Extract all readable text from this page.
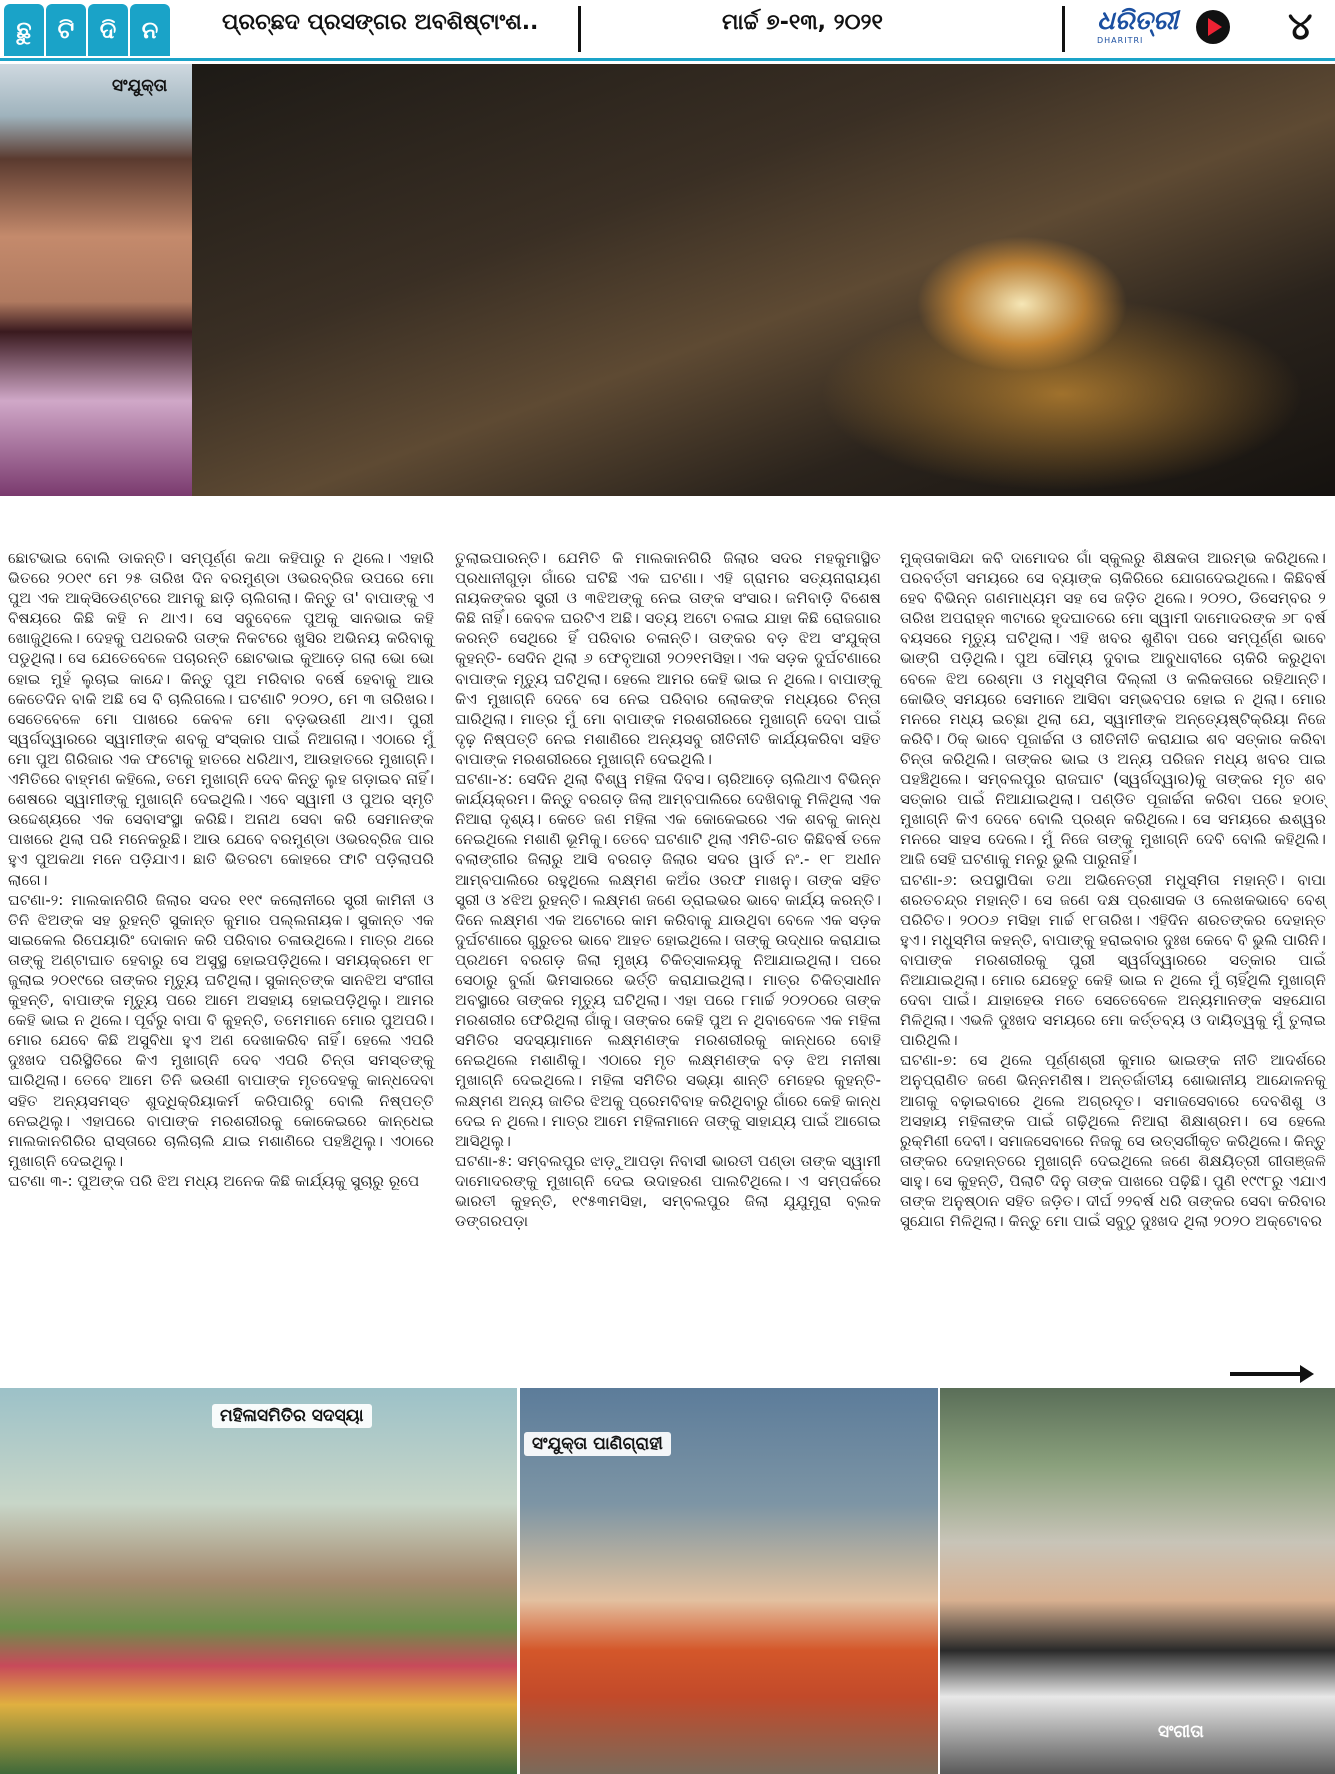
ଛୁ	ଟି	ଦି	ନ	ପ୍ରଚ୍ଛଦ ପ୍ରସଙ୍ଗର ଅବଶିଷ୍ଟାଂଶ..	ମାର୍ଚ୍ଚ ୭-୧୩, ୨୦୨୧	ଧରିତ୍ରୀ
DHARITRI	୪
ସଂଯୁକ୍ତା

ଛୋଟଭାଇ ବୋଲି ଡାକନ୍ତି। ସମ୍ପୂର୍ଣ୍ଣ କଥା କହିପାରୁ ନ ଥିଲେ। ଏହାରି ଭିତରେ ୨୦୧୯ ମେ ୨୫ ତାରିଖ ଦିନ ବରମୁଣ୍ଡା ଓଭରବ୍ରିଜ ଉପରେ ମୋ ପୁଅ ଏକ ଆକ୍ସିଡେଣ୍ଟରେ ଆମକୁ ଛାଡ଼ି ଚାଲିଗଲା। କିନ୍ତୁ ତା' ବାପାଙ୍କୁ ଏ ବିଷୟରେ କିଛି କହି ନ ଥାଏ। ସେ ସବୁବେଳେ ପୁଅକୁ ସାନଭାଇ କହି ଖୋଜୁଥିଲେ। ଦେହକୁ ପଥରକରି ତାଙ୍କ ନିକଟରେ ଖୁସିର ଅଭିନୟ କରିବାକୁ ପଡୁଥିଲା। ସେ ଯେତେବେଳେ ପଚାରନ୍ତି ଛୋଟଭାଇ କୁଆଡ଼େ ଗଲା ଭୋ ଭୋ ହୋଇ ମୁହଁ ଲୁଚାଇ କାନ୍ଦେ। କିନ୍ତୁ ପୁଅ ମରିବାର ବର୍ଷେ ହେବାକୁ ଆଉ କେତେଦିନ ବାକି ଅଛି ସେ ବି ଚାଲିଗଲେ। ଘଟଣାଟି ୨୦୨୦, ମେ ୩ ତାରିଖର। ସେତେବେଳେ ମୋ ପାଖରେ କେବଳ ମୋ ବଡ଼ଭଉଣୀ ଥାଏ। ପୁରୀ ସ୍ୱର୍ଗଦ୍ୱାରରେ ସ୍ୱାମୀଙ୍କ ଶବକୁ ସଂସ୍କାର ପାଇଁ ନିଆଗଲା। ଏଠାରେ ମୁଁ ମୋ ପୁଅ ଗିରିଜାର ଏକ ଫଟୋକୁ ହାତରେ ଧରିଥାଏ, ଆଉହାତରେ ମୁଖାଗ୍ନି। ଏମିତିରେ ବାହ୍ମଣ କହିଲେ, ତମେ ମୁଖାଗ୍ନି ଦେବ କିନ୍ତୁ ଲୁହ ଗଡ଼ାଇବ ନାହିଁ। ଶେଷରେ ସ୍ୱାମୀଙ୍କୁ ମୁଖାଗ୍ନି ଦେଇଥିଲି। ଏବେ ସ୍ୱାମୀ ଓ ପୁଅର ସ୍ମୃତି ଉଦ୍ଦେଶ୍ୟରେ ଏକ ସେବାସଂସ୍ଥା କରିଛି। ଅନାଥ ସେବା କରି ସେମାନଙ୍କ ପାଖରେ ଥିଲା ପରି ମନେକରୁଛି। ଆଉ ଯେବେ ବରମୁଣ୍ଡା ଓଭରବ୍ରିଜ ପାର ହୁଏ ପୁଅକଥା ମନେ ପଡ଼ିଯାଏ। ଛାତି ଭିତରଟା କୋହରେ ଫାଟି ପଡ଼ିଲାପରି ଲାଗେ।

ଘଟଣା-୨: ମାଲକାନଗିରି ଜିଲାର ସଦର ୧୧୯ କଲୋନୀରେ ସ୍ତ୍ରୀ କାମିନୀ ଓ ତିନି ଝିଅଙ୍କ ସହ ରୁହନ୍ତି ସୁକାନ୍ତ କୁମାର ପଲ୍ଲନାୟକ। ସୁକାନ୍ତ ଏକ ସାଇକେଲ ରିପେୟାରିଂ ଦୋକାନ କରି ପରିବାର ଚଳାଉଥିଲେ। ମାତ୍ର ଥରେ ତାଙ୍କୁ ଅଣ୍ଟାଘାତ ହେବାରୁ ସେ ଅସୁସ୍ଥ ହୋଇପଡ଼ିଥିଲେ। ସମୟକ୍ରମେ ୧୮ ଜୁଲାଇ ୨୦୧୯ରେ ତାଙ୍କର ମୃତ୍ୟୁ ଘଟିଥିଲା। ସୁକାନ୍ତଙ୍କ ସାନଝିଅ ସଂଗୀତା କୁହନ୍ତି, ବାପାଙ୍କ ମୃତ୍ୟୁ ପରେ ଆମେ ଅସହାୟ ହୋଇପଡ଼ିଥିଲୁ। ଆମର କେହି ଭାଇ ନ ଥିଲେ। ପୂର୍ବରୁ ବାପା ବି କୁହନ୍ତି, ତମେମାନେ ମୋର ପୁଅପରି। ମୋର ଯେବେ କିଛି ଅସୁବିଧା ହୁଏ ଅଣ ଦେଖାକରିବ ନାହିଁ। ହେଲେ ଏପରି ଦୁଃଖଦ ପରିସ୍ଥିତିରେ କିଏ ମୁଖାଗ୍ନି ଦେବ ଏପରି ଚିନ୍ତା ସମସ୍ତଙ୍କୁ ଘାରିଥିଲା। ତେବେ ଆମେ ତିନି ଭଉଣୀ ବାପାଙ୍କ ମୃତଦେହକୁ କାନ୍ଧଦେବା ସହିତ ଅନ୍ୟସମସ୍ତ ଶୁଦ୍ଧିକ୍ରିୟାକର୍ମ କରିପାରିବୁ ବୋଲି ନିଷ୍ପତ୍ତି ନେଇଥିଲୁ। ଏହାପରେ ବାପାଙ୍କ ମରଶରୀରକୁ କୋକେଇରେ କାନ୍ଧେଇ ମାଲକାନଗିରିର ରାସ୍ତାରେ ଚାଲିଚାଲି ଯାଇ ମଶାଣିରେ ପହଞ୍ଚିଥିଲୁ। ଏଠାରେ ମୁଖାଗ୍ନି ଦେଇଥିଲୁ।

ଘଟଣା ୩-: ପୁଅଙ୍କ ପରି ଝିଅ ମଧ୍ୟ ଅନେକ କିଛି କାର୍ଯ୍ୟକୁ ସୁଚାରୁ ରୂପେ

ତୁଲାଇପାରନ୍ତି। ଯେମିତି କି ମାଲକାନଗିରି ଜିଲାର ସଦର ମହକୁମାସ୍ଥିତ ପ୍ରଧାନୀଗୁଡ଼ା ଗାଁରେ ଘଟିଛି ଏକ ଘଟଣା। ଏହି ଗ୍ରାମର ସତ୍ୟନାରାୟଣ ନାୟକଙ୍କର ସ୍ତ୍ରୀ ଓ ୩ଝିଅଙ୍କୁ ନେଇ ତାଙ୍କ ସଂସାର। ଜମିବାଡ଼ି ବିଶେଷ କିଛି ନାହିଁ। କେବଳ ଘରଟିଏ ଅଛି। ସତ୍ୟ ଅଟୋ ଚଳାଇ ଯାହା କିଛି ରୋଜଗାର କରନ୍ତି ସେଥିରେ ହିଁ ପରିବାର ଚଳାନ୍ତି। ତାଙ୍କର ବଡ଼ ଝିଅ ସଂଯୁକ୍ତା କୁହନ୍ତି- ସେଦିନ ଥିଲା ୬ ଫେବୃଆରୀ ୨୦୨୧ମସିହା। ଏକ ସଡ଼କ ଦୁର୍ଘଟଣାରେ ବାପାଙ୍କ ମୃତ୍ୟୁ ଘଟିଥିଲା। ହେଲେ ଆମର କେହି ଭାଇ ନ ଥିଲେ। ବାପାଙ୍କୁ କିଏ ମୁଖାଗ୍ନି ଦେବେ ସେ ନେଇ ପରିବାର ଲୋକଙ୍କ ମଧ୍ୟରେ ଚିନ୍ତା ଘାରିଥିଲା। ମାତ୍ର ମୁଁ ମୋ ବାପାଙ୍କ ମରଶରୀରରେ ମୁଖାଗ୍ନି ଦେବା ପାଇଁ ଦୃଢ଼ ନିଷ୍ପତ୍ତି ନେଇ ମଶାଣିରେ ଅନ୍ୟସବୁ ରୀତିନୀତି କାର୍ଯ୍ୟକରିବା ସହିତ ବାପାଙ୍କ ମରଶରୀରରେ ମୁଖାଗ୍ନି ଦେଇଥିଲି।

ଘଟଣା-୪: ସେଦିନ ଥିଲା ବିଶ୍ୱ ମହିଳା ଦିବସ। ଚାରିଆଡ଼େ ଚାଲିଥାଏ ବିଭିନ୍ନ କାର୍ଯ୍ୟକ୍ରମ। କିନ୍ତୁ ବରଗଡ଼ ଜିଲା ଆମ୍ବପାଲିରେ ଦେଖିବାକୁ ମିଳିଥିଲା ଏକ ନିଆରା ଦୃଶ୍ୟ। କେତେ ଜଣ ମହିଳା ଏକ କୋକେଇରେ ଏକ ଶବକୁ କାନ୍ଧ ନେଇଥିଲେ ମଶାଣି ଭୂମିକୁ। ତେବେ ଘଟଣାଟି ଥିଲା ଏମିତି-ଗତ କିଛିବର୍ଷ ତଳେ ବଲାଙ୍ଗୀର ଜିଲାରୁ ଆସି ବରଗଡ଼ ଜିଲାର ସଦର ୱାର୍ଡ ନଂ.- ୧୮ ଅଧୀନ ଆମ୍ବପାଲିରେ ରହୁଥିଲେ ଲକ୍ଷ୍ମଣ କଅଁର ଓରଫ ମାଖନୁ। ତାଙ୍କ ସହିତ ସ୍ତ୍ରୀ ଓ ୪ଝିଅ ରୁହନ୍ତି। ଲକ୍ଷ୍ମଣ ଜଣେ ଡ୍ରାଇଭର ଭାବେ କାର୍ଯ୍ୟ କରନ୍ତି। ଦିନେ ଲକ୍ଷ୍ମଣ ଏକ ଅଟୋରେ କାମ କରିବାକୁ ଯାଉଥିବା ବେଳେ ଏକ ସଡ଼କ ଦୁର୍ଘଟଣାରେ ଗୁରୁତର ଭାବେ ଆହତ ହୋଇଥିଲେ। ତାଙ୍କୁ ଉଦ୍ଧାର କରାଯାଇ ପ୍ରଥମେ ବରଗଡ଼ ଜିଲା ମୁଖ୍ୟ ଚିକିତ୍ସାଳୟକୁ ନିଆଯାଇଥିଲା। ପରେ ସେଠାରୁ ବୁର୍ଲା ଭିମସାରରେ ଭର୍ତ୍ତି କରାଯାଇଥିଲା। ମାତ୍ର ଚିକିତ୍ସାଧୀନ ଅବସ୍ଥାରେ ତାଙ୍କର ମୃତ୍ୟୁ ଘଟିଥିଲା। ଏହା ପରେ ୮ମାର୍ଚ୍ଚ ୨୦୨୦ରେ ତାଙ୍କ ମରଶରୀର ଫେରିଥିଲା ଗାଁକୁ। ତାଙ୍କର କେହି ପୁଅ ନ ଥିବାବେଳେ ଏକ ମହିଳା ସମିତିର ସଦସ୍ୟାମାନେ ଲକ୍ଷ୍ମଣଙ୍କ ମରଶରୀରକୁ କାନ୍ଧରେ ବୋହି ନେଇଥିଲେ ମଶାଣିକୁ। ଏଠାରେ ମୃତ ଲକ୍ଷ୍ମଣଙ୍କ ବଡ଼ ଝିଅ ମନୀଷା ମୁଖାଗ୍ନି ଦେଇଥିଲେ। ମହିଳା ସମିତିର ସଭ୍ୟା ଶାନ୍ତି ମେହେର କୁହନ୍ତି- ଲକ୍ଷ୍ମଣ ଅନ୍ୟ ଜାତିର ଝିଅକୁ ପ୍ରେମବିବାହ କରିଥିବାରୁ ଗାଁରେ କେହି କାନ୍ଧ ଦେଇ ନ ଥିଲେ। ମାତ୍ର ଆମେ ମହିଳାମାନେ ତାଙ୍କୁ ସାହାଯ୍ୟ ପାଇଁ ଆଗେଇ ଆସିଥିଲୁ।

ଘଟଣା-୫: ସମ୍ବଲପୁର ଝାଡ଼ୁଆପଡ଼ା ନିବାସୀ ଭାରତୀ ପଣ୍ଡା ତାଙ୍କ ସ୍ୱାମୀ ଦାମୋଦରଙ୍କୁ ମୁଖାଗ୍ନି ଦେଇ ଉଦାହରଣ ପାଲଟିଥିଲେ। ଏ ସମ୍ପର୍କରେ ଭାରତୀ କୁହନ୍ତି, ୧୯୫୩ମସିହା, ସମ୍ବଲପୁର ଜିଲା ଯୁଯୁମୁରା ବ୍ଲକ ଡଙ୍ଗରପଡ଼ା

ମୁକ୍ତାକାସିନ୍ଦା କବି ଦାମୋଦର ଗାଁ ସ୍କୁଲରୁ ଶିକ୍ଷକତା ଆରମ୍ଭ କରିଥିଲେ। ପରବର୍ତ୍ତୀ ସମୟରେ ସେ ବ୍ୟାଙ୍କ ଚାକିରିରେ ଯୋଗଦେଇଥିଲେ। କିଛିବର୍ଷ ହେବ ବିଭିନ୍ନ ଗଣମାଧ୍ୟମ ସହ ସେ ଜଡ଼ିତ ଥିଲେ। ୨୦୨୦, ଡିସେମ୍ବର ୨ ତାରିଖ ଅପରାହ୍ନ ୩ଟାରେ ହୃଦଘାତରେ ମୋ ସ୍ୱାମୀ ଦାମୋଦରଙ୍କ ୬୮ ବର୍ଷ ବୟସରେ ମୃତ୍ୟୁ ଘଟିଥିଲା। ଏହି ଖବର ଶୁଣିବା ପରେ ସମ୍ପୂର୍ଣ୍ଣ ଭାବେ ଭାଙ୍ଗି ପଡ଼ିଥିଲି। ପୁଅ ସୌମ୍ୟ ଦୁବାଇ ଆବୁଧାବୀରେ ଚାକିରି କରୁଥିବା ବେଳେ ଝିଅ ରେଶ୍ମା ଓ ମଧୁସ୍ମିତା ଦିଲ୍ଲୀ ଓ କଲିକତାରେ ରହିଥାନ୍ତି। କୋଭିଡ୍ ସମୟରେ ସେମାନେ ଆସିବା ସମ୍ଭବପର ହୋଇ ନ ଥିଲା। ମୋର ମନରେ ମଧ୍ୟ ଇଚ୍ଛା ଥିଲା ଯେ, ସ୍ୱାମୀଙ୍କ ଅନ୍ତ୍ୟେଷ୍ଟିକ୍ରିୟା ନିଜେ କରିବି। ଠିକ୍ ଭାବେ ପୂଜାର୍ଚ୍ଚନା ଓ ରୀତିନୀତି କରାଯାଇ ଶବ ସତ୍କାର କରିବା ଚିନ୍ତା କରିଥିଲି। ତାଙ୍କର ଭାଇ ଓ ଅନ୍ୟ ପରିଜନ ମଧ୍ୟ ଖବର ପାଇ ପହଞ୍ଚିଥିଲେ। ସମ୍ବଲପୁର ରାଜଘାଟ (ସ୍ୱର୍ଗଦ୍ୱାର)କୁ ତାଙ୍କର ମୃତ ଶବ ସତ୍କାର ପାଇଁ ନିଆଯାଇଥିଲା। ପଣ୍ଡିତ ପୂଜାର୍ଚ୍ଚନା କରିବା ପରେ ହଠାତ୍ ମୁଖାଗ୍ନି କିଏ ଦେବେ ବୋଲି ପ୍ରଶ୍ନ କରିଥିଲେ। ସେ ସମୟରେ ଈଶ୍ୱର ମନରେ ସାହସ ଦେଲେ। ମୁଁ ନିଜେ ତାଙ୍କୁ ମୁଖାଗ୍ନି ଦେବି ବୋଲି କହିଥିଲି। ଆଜି ସେହି ଘଟଣାକୁ ମନରୁ ଭୁଲି ପାରୁନାହିଁ।

ଘଟଣା-୬: ଉପସ୍ଥାପିକା ତଥା ଅଭିନେତ୍ରୀ ମଧୁସ୍ମିତା ମହାନ୍ତି। ବାପା ଶରତଚନ୍ଦ୍ର ମହାନ୍ତି। ସେ ଜଣେ ଦକ୍ଷ ପ୍ରଶାସକ ଓ ଲେଖକଭାବେ ବେଶ୍ ପରିଚିତ। ୨୦୦୬ ମସିହା ମାର୍ଚ୍ଚ ୧୮ତାରିଖ। ଏହିଦିନ ଶରତଙ୍କର ଦେହାନ୍ତ ହୁଏ। ମଧୁସ୍ମିତା କହନ୍ତି, ବାପାଙ୍କୁ ହରାଇବାର ଦୁଃଖ କେବେ ବି ଭୁଲି ପାରିନି। ବାପାଙ୍କ ମରଶରୀରକୁ ପୁରୀ ସ୍ୱର୍ଗଦ୍ୱାରରେ ସତ୍କାର ପାଇଁ ନିଆଯାଇଥିଲା। ମୋର ଯେହେତୁ କେହି ଭାଇ ନ ଥିଲେ ମୁଁ ଚାହିଁଥିଲି ମୁଖାଗ୍ନି ଦେବା ପାଇଁ। ଯାହାହେଉ ମତେ ସେତେବେଳେ ଅନ୍ୟମାନଙ୍କ ସହଯୋଗ ମିଳିଥିଲା। ଏଭଳି ଦୁଃଖଦ ସମୟରେ ମୋ କର୍ତ୍ତବ୍ୟ ଓ ଦାୟିତ୍ୱକୁ ମୁଁ ତୁଲାଇ ପାରିଥିଲି।

ଘଟଣା-୭: ସେ ଥିଲେ ପୂର୍ଣ୍ଣଶ୍ରୀ କୁମାର ଭାଇଙ୍କ ନୀତି ଆଦର୍ଶରେ ଅନୁପ୍ରାଣିତ ଜଣେ ଭିନ୍ନମଣିଷ। ଅନ୍ତର୍ଜାତୀୟ ଶୋଭାନୀୟ ଆନ୍ଦୋଳନକୁ ଆଗକୁ ବଢ଼ାଇବାରେ ଥିଲେ ଅଗ୍ରଦୂତ। ସମାଜସେବାରେ ଦେବଶିଶୁ ଓ ଅସହାୟ ମହିଳାଙ୍କ ପାଇଁ ଗଢ଼ିଥିଲେ ନିଆରା ଶିକ୍ଷାଶ୍ରମ। ସେ ହେଲେ ରୁକ୍ମିଣୀ ଦେବୀ। ସମାଜସେବାରେ ନିଜକୁ ସେ ଉତ୍ସର୍ଗୀକୃତ କରିଥିଲେ। କିନ୍ତୁ ତାଙ୍କର ଦେହାନ୍ତରେ ମୁଖାଗ୍ନି ଦେଇଥିଲେ ଜଣେ ଶିକ୍ଷୟିତ୍ରୀ ଗୀତାଞ୍ଜଳି ସାହୁ। ସେ କୁହନ୍ତି, ପିଲାଟି ଦିନୁ ତାଙ୍କ ପାଖରେ ପଢ଼ିଛି। ପୁଣି ୧୯୯୮ରୁ ଏଯାଏ ତାଙ୍କ ଅନୁଷ୍ଠାନ ସହିତ ଜଡ଼ିତ। ଦୀର୍ଘ ୨୨ବର୍ଷ ଧରି ତାଙ୍କର ସେବା କରିବାର ସୁଯୋଗ ମିଳିଥିଲା। କିନ୍ତୁ ମୋ ପାଇଁ ସବୁଠୁ ଦୁଃଖଦ ଥିଲା ୨୦୨୦ ଅକ୍ଟୋବର

ମହିଳାସମିତିର ସଦସ୍ୟା
ସଂଯୁକ୍ତା ପାଣିଗ୍ରାହୀ
ସଂଗୀତା
